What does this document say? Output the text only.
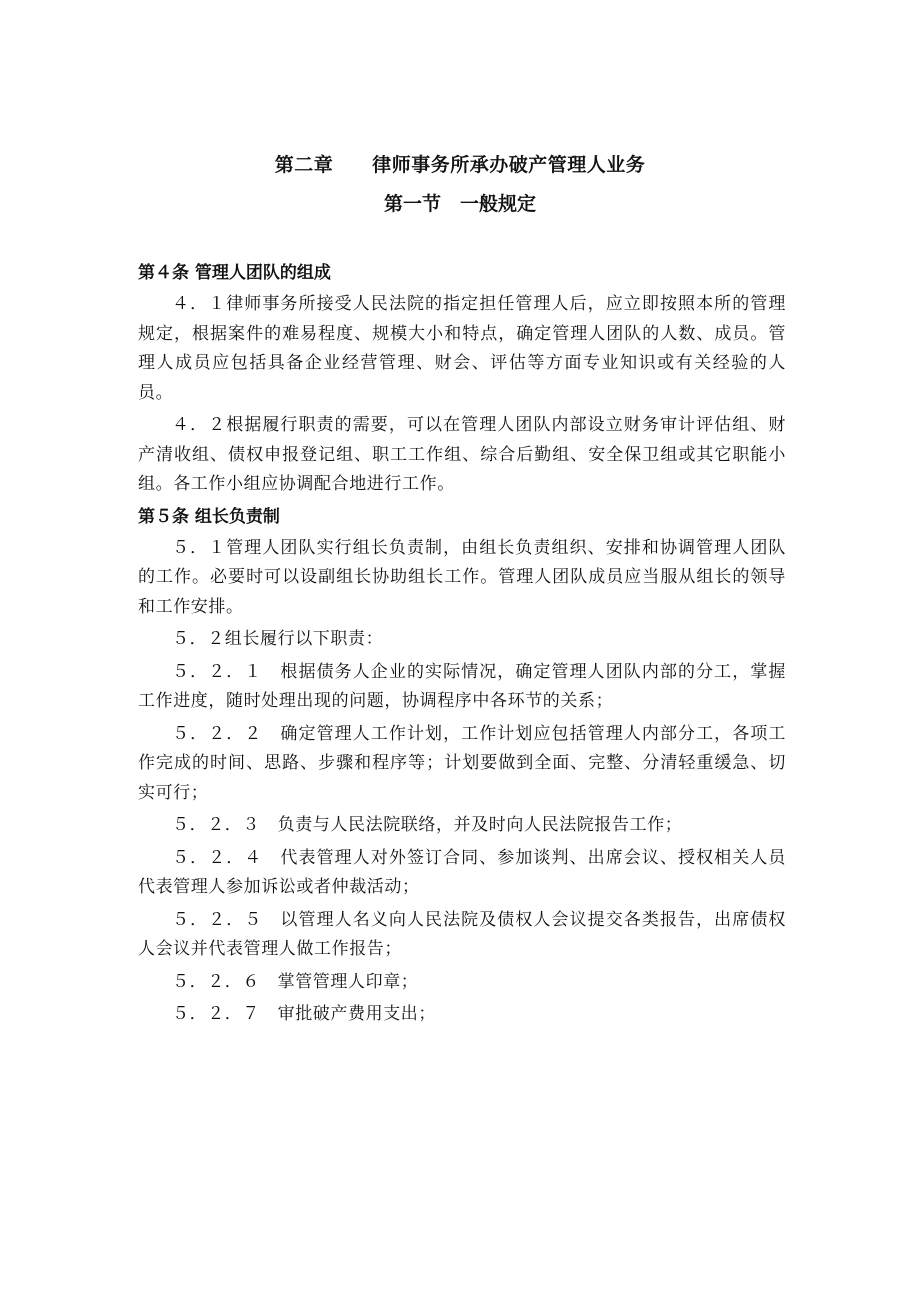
第二章　　律师事务所承办破产管理人业务
第一节　一般规定

第４条 管理人团队的组成

４．１律师事务所接受人民法院的指定担任管理人后，应立即按照本所的管理规定，根据案件的难易程度、规模大小和特点，确定管理人团队的人数、成员。管理人成员应包括具备企业经营管理、财会、评估等方面专业知识或有关经验的人员。

４．２根据履行职责的需要，可以在管理人团队内部设立财务审计评估组、财产清收组、债权申报登记组、职工工作组、综合后勤组、安全保卫组或其它职能小组。各工作小组应协调配合地进行工作。

第５条 组长负责制

５．１管理人团队实行组长负责制，由组长负责组织、安排和协调管理人团队的工作。必要时可以设副组长协助组长工作。管理人团队成员应当服从组长的领导和工作安排。

５．２组长履行以下职责：

５．２．１　根据债务人企业的实际情况，确定管理人团队内部的分工，掌握工作进度，随时处理出现的问题，协调程序中各环节的关系；

５．２．２　确定管理人工作计划，工作计划应包括管理人内部分工，各项工作完成的时间、思路、步骤和程序等；计划要做到全面、完整、分清轻重缓急、切实可行；

５．２．３　负责与人民法院联络，并及时向人民法院报告工作；

５．２．４　代表管理人对外签订合同、参加谈判、出席会议、授权相关人员代表管理人参加诉讼或者仲裁活动；

５．２．５　以管理人名义向人民法院及债权人会议提交各类报告，出席债权人会议并代表管理人做工作报告；

５．２．６　掌管管理人印章；

５．２．７　审批破产费用支出；
